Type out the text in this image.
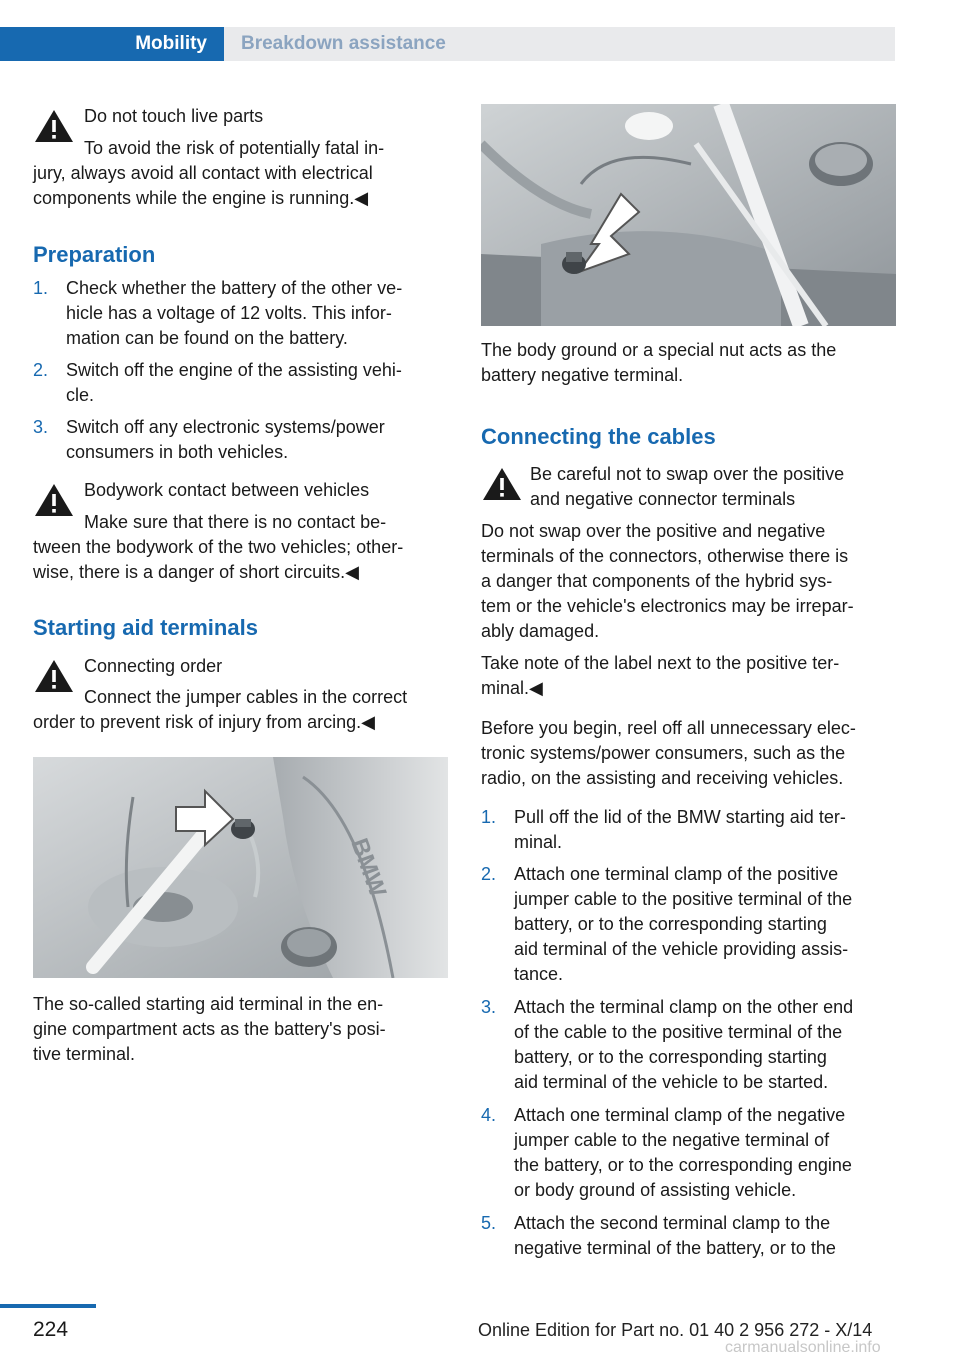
Mobility Breakdown assistance
Do not touch live parts
To avoid the risk of potentially fatal in‐
jury, always avoid all contact with electrical
components while the engine is running.◀
Preparation
1. Check whether the battery of the other ve‐
hicle has a voltage of 12 volts. This infor‐
mation can be found on the battery.
2. Switch off the engine of the assisting vehi‐
cle.
3. Switch off any electronic systems/power
consumers in both vehicles.
Bodywork contact between vehicles
Make sure that there is no contact be‐
tween the bodywork of the two vehicles; other‐
wise, there is a danger of short circuits.◀
Starting aid terminals
Connecting order
Connect the jumper cables in the correct
order to prevent risk of injury from arcing.◀
BMW
The so-called starting aid terminal in the en‐
gine compartment acts as the battery's posi‐
tive terminal.
The body ground or a special nut acts as the
battery negative terminal.
Connecting the cables
Be careful not to swap over the positive
and negative connector terminals
Do not swap over the positive and negative
terminals of the connectors, otherwise there is
a danger that components of the hybrid sys‐
tem or the vehicle's electronics may be irrepar‐
ably damaged.
Take note of the label next to the positive ter‐
minal.◀
Before you begin, reel off all unnecessary elec‐
tronic systems/power consumers, such as the
radio, on the assisting and receiving vehicles.
1. Pull off the lid of the BMW starting aid ter‐
minal.
2. Attach one terminal clamp of the positive
jumper cable to the positive terminal of the
battery, or to the corresponding starting
aid terminal of the vehicle providing assis‐
tance.
3. Attach the terminal clamp on the other end
of the cable to the positive terminal of the
battery, or to the corresponding starting
aid terminal of the vehicle to be started.
4. Attach one terminal clamp of the negative
jumper cable to the negative terminal of
the battery, or to the corresponding engine
or body ground of assisting vehicle.
5. Attach the second terminal clamp to the
negative terminal of the battery, or to the
224	Online Edition for Part no. 01 40 2 956 272 - X/14
carmanualsonline.info
